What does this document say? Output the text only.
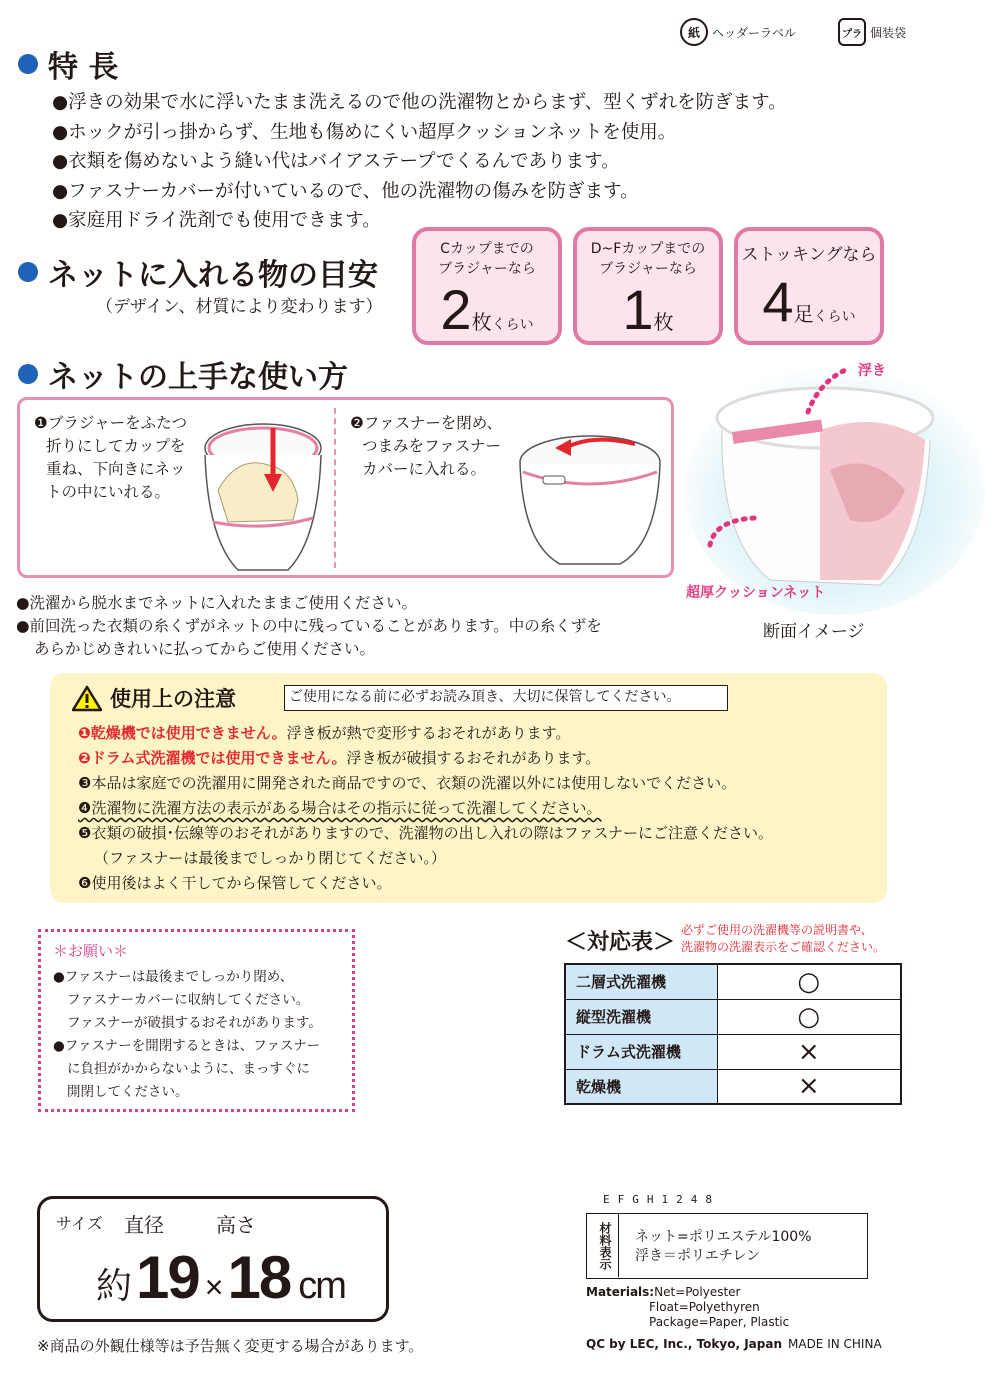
紙	ヘッダーラベル	プラ 個装袋
特 長
●浮きの効果で水に浮いたまま洗えるので他の洗濯物とからまず、型くずれを防ぎます。
●ホックが引っ掛からず、生地も傷めにくい超厚クッションネットを使用。
●衣類を傷めないよう縫い代はバイアステープでくるんであります。
●ファスナーカバーが付いているので、他の洗濯物の傷みを防ぎます。
●家庭用ドライ洗剤でも使用できます。
ネットに入れる物の目安
（デザイン、材質により変わります）
Cカップまでの
ブラジャーなら
2枚くらい
D~Fカップまでの
ブラジャーなら
1枚
ストッキングなら
4足くらい
ネットの上手な使い方
❶ブラジャーをふたつ
折りにしてカップを
重ね、下向きにネッ
トの中にいれる。
❷ファスナーを閉め、
つまみをファスナー
カバーに入れる。
浮き
超厚クッションネット
断面イメージ
●洗濯から脱水までネットに入れたままご使用ください。
●前回洗った衣類の糸くずがネットの中に残っていることがあります。中の糸くずを
あらかじめきれいに払ってからご使用ください。
使用上の注意	ご使用になる前に必ずお読み頂き、大切に保管してください。
❶乾燥機では使用できません。浮き板が熱で変形するおそれがあります。
❷ドラム式洗濯機では使用できません。浮き板が破損するおそれがあります。
❸本品は家庭での洗濯用に開発された商品ですので、衣類の洗濯以外には使用しないでください。
❹洗濯物に洗濯方法の表示がある場合はその指示に従って洗濯してください。
❺衣類の破損･伝線等のおそれがありますので、洗濯物の出し入れの際はファスナーにご注意ください。
（ファスナーは最後までしっかり閉じてください。）
❻使用後はよく干してから保管してください。
＊お願い＊
●ファスナーは最後までしっかり閉め、
ファスナーカバーに収納してください。
ファスナーが破損するおそれがあります。
●ファスナーを開閉するときは、ファスナー
に負担がかからないように、まっすぐに
開閉してください。
＜対応表＞ 必ずご使用の洗濯機等の説明書や、
洗濯物の洗濯表示をご確認ください。
二層式洗濯機	○
縦型洗濯機	○
ドラム式洗濯機	×
乾燥機	×
サイズ 直径	高さ
約 19 × 18 cm
※商品の外観仕様等は予告無く変更する場合があります。
EFGH1248
材料表示	ネット=ポリエステル100%
浮き＝ポリエチレン
Materials:Net=Polyester
Float=Polyethyren
Package=Paper, Plastic
QC by LEC, Inc., Tokyo, Japan MADE IN CHINA
